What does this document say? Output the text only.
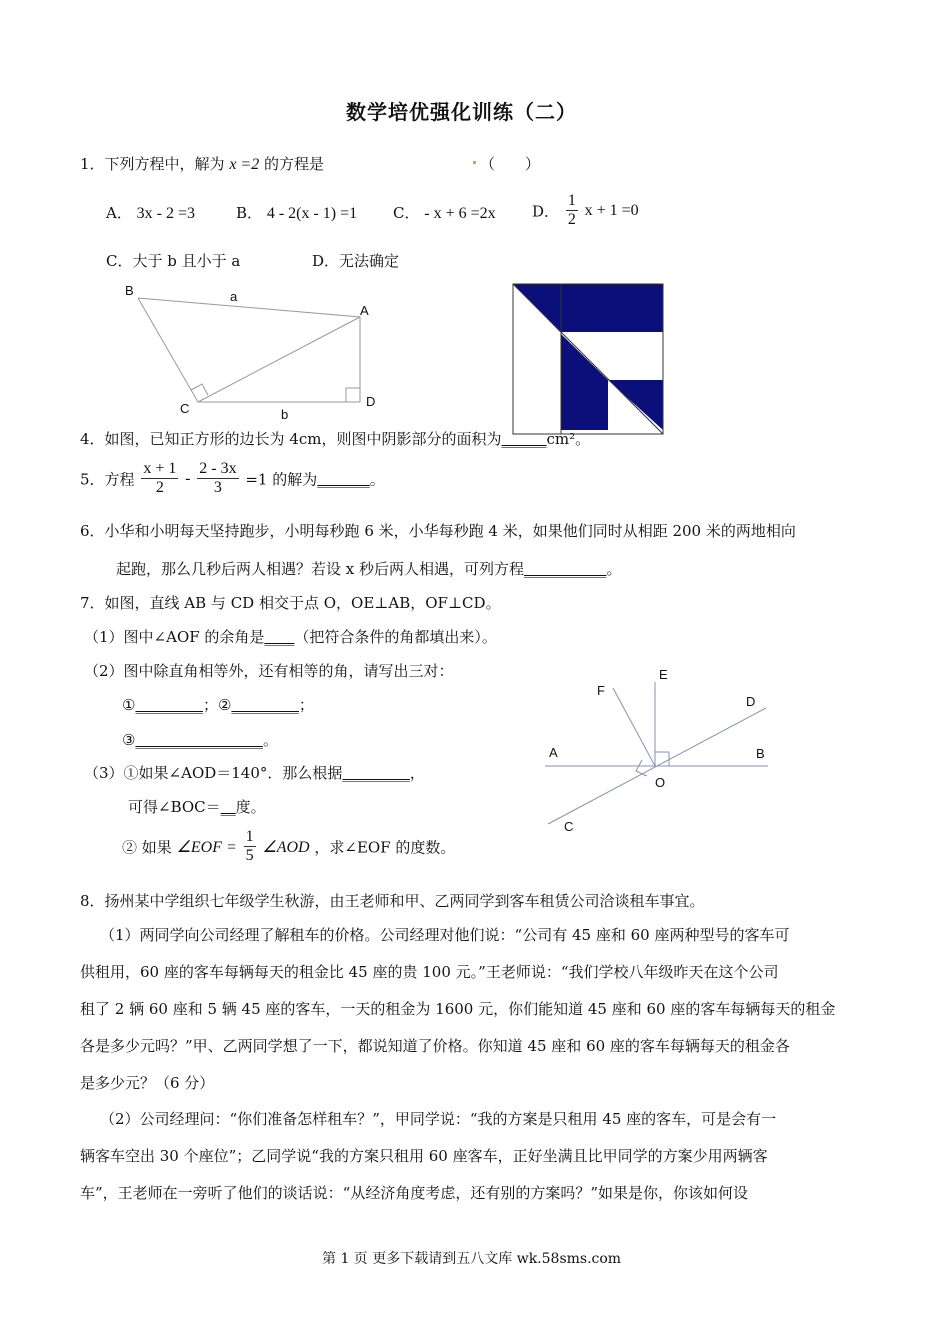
数学培优强化训练（二）
1．下列方程中，解为 x =2 的方程是	（　　）
A． 3x - 2 =3	B． 4 - 2(x - 1) =1 C． - x + 6 =2x D． $\frac{1}{2}$ x + 1 =0
C．大于 b 且小于 a	D．无法确定
B	a
A
C	b
D
4．如图，已知正方形的边长为 4cm，则图中阴影部分的面积为______cm²。
5．方程 $\frac{x + 1}{2} - \frac{2 - 3x}{3} =1$ 的解为_______。
6．小华和小明每天坚持跑步，小明每秒跑 6 米，小华每秒跑 4 米，如果他们同时从相距 200 米的两地相向
起跑，那么几秒后两人相遇？若设 x 秒后两人相遇，可列方程___________。
7．如图，直线 AB 与 CD 相交于点 O，OE⊥AB，OF⊥CD。
（1）图中∠AOF 的余角是____（把符合条件的角都填出来）。
（2）图中除直角相等外，还有相等的角，请写出三对：
①_________；②_________；
③_________________。
（3）①如果∠AOD＝140°．那么根据_________，
可得∠BOC＝__度。
② 如果 ∠EOF = $\frac{1}{5}$ ∠AOD ，求∠EOF 的度数。
E
F
D
A	B
O
C
8．扬州某中学组织七年级学生秋游，由王老师和甲、乙两同学到客车租赁公司洽谈租车事宜。
（1）两同学向公司经理了解租车的价格。公司经理对他们说：“公司有 45 座和 60 座两种型号的客车可
供租用，60 座的客车每辆每天的租金比 45 座的贵 100 元。”王老师说：“我们学校八年级昨天在这个公司
租了 2 辆 60 座和 5 辆 45 座的客车，一天的租金为 1600 元，你们能知道 45 座和 60 座的客车每辆每天的租金
各是多少元吗？”甲、乙两同学想了一下，都说知道了价格。你知道 45 座和 60 座的客车每辆每天的租金各
是多少元？（6 分）
（2）公司经理问：“你们准备怎样租车？”，甲同学说：“我的方案是只租用 45 座的客车，可是会有一
辆客车空出 30 个座位”；乙同学说“我的方案只租用 60 座客车，正好坐满且比甲同学的方案少用两辆客
车”，王老师在一旁听了他们的谈话说：“从经济角度考虑，还有别的方案吗？”如果是你，你该如何设
第 1 页 更多下载请到五八文库 wk.58sms.com
